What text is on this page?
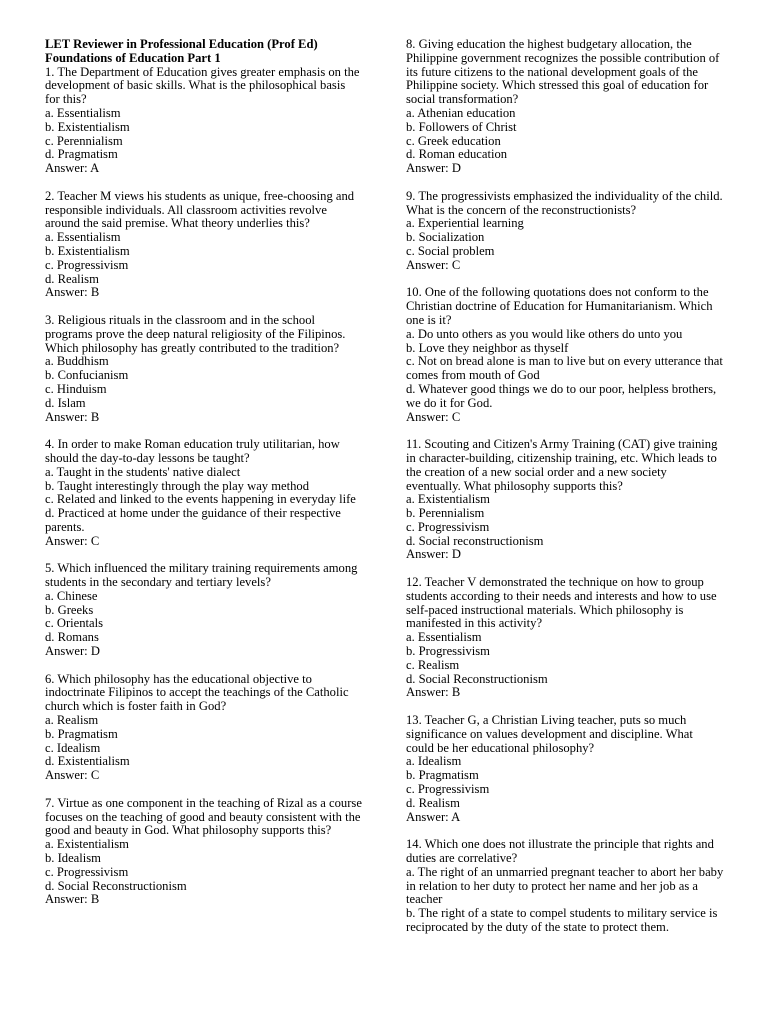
LET Reviewer in Professional Education (Prof Ed)

Foundations of Education Part 1

1. The Department of Education gives greater emphasis on the development of basic skills. What is the philosophical basis for this?
a. Essentialism
b. Existentialism
c. Perennialism
d. Pragmatism
Answer: A
2. Teacher M views his students as unique, free-choosing and responsible individuals. All classroom activities revolve around the said premise. What theory underlies this?
a. Essentialism
b. Existentialism
c. Progressivism
d. Realism
Answer: B
3. Religious rituals in the classroom and in the school programs prove the deep natural religiosity of the Filipinos. Which philosophy has greatly contributed to the tradition?
a. Buddhism
b. Confucianism
c. Hinduism
d. Islam
Answer: B
4. In order to make Roman education truly utilitarian, how should the day-to-day lessons be taught?
a. Taught in the students' native dialect
b. Taught interestingly through the play way method
c. Related and linked to the events happening in everyday life
d. Practiced at home under the guidance of their respective parents.
Answer: C
5. Which influenced the military training requirements among students in the secondary and tertiary levels?
a. Chinese
b. Greeks
c. Orientals
d. Romans
Answer: D
6. Which philosophy has the educational objective to indoctrinate Filipinos to accept the teachings of the Catholic church which is foster faith in God?
a. Realism
b. Pragmatism
c. Idealism
d. Existentialism
Answer: C
7. Virtue as one component in the teaching of Rizal as a course focuses on the teaching of good and beauty consistent with the good and beauty in God. What philosophy supports this?
a. Existentialism
b. Idealism
c. Progressivism
d. Social Reconstructionism
Answer: B
8. Giving education the highest budgetary allocation, the Philippine government recognizes the possible contribution of its future citizens to the national development goals of the Philippine society. Which stressed this goal of education for social transformation?
a. Athenian education
b. Followers of Christ
c. Greek education
d. Roman education
Answer: D
9. The progressivists emphasized the individuality of the child. What is the concern of the reconstructionists?
a. Experiential learning
b. Socialization
c. Social problem
Answer: C
10. One of the following quotations does not conform to the Christian doctrine of Education for Humanitarianism. Which one is it?
a. Do unto others as you would like others do unto you
b. Love they neighbor as thyself
c. Not on bread alone is man to live but on every utterance that comes from mouth of God
d. Whatever good things we do to our poor, helpless brothers, we do it for God.
Answer: C
11. Scouting and Citizen's Army Training (CAT) give training in character-building, citizenship training, etc. Which leads to the creation of a new social order and a new society eventually. What philosophy supports this?
a. Existentialism
b. Perennialism
c. Progressivism
d. Social reconstructionism
Answer: D
12. Teacher V demonstrated the technique on how to group students according to their needs and interests and how to use self-paced instructional materials. Which philosophy is manifested in this activity?
a. Essentialism
b. Progressivism
c. Realism
d. Social Reconstructionism
Answer: B
13. Teacher G, a Christian Living teacher, puts so much significance on values development and discipline. What could be her educational philosophy?
a. Idealism
b. Pragmatism
c. Progressivism
d. Realism
Answer: A
14. Which one does not illustrate the principle that rights and duties are correlative?
a. The right of an unmarried pregnant teacher to abort her baby in relation to her duty to protect her name and her job as a teacher
b. The right of a state to compel students to military service is reciprocated by the duty of the state to protect them.
